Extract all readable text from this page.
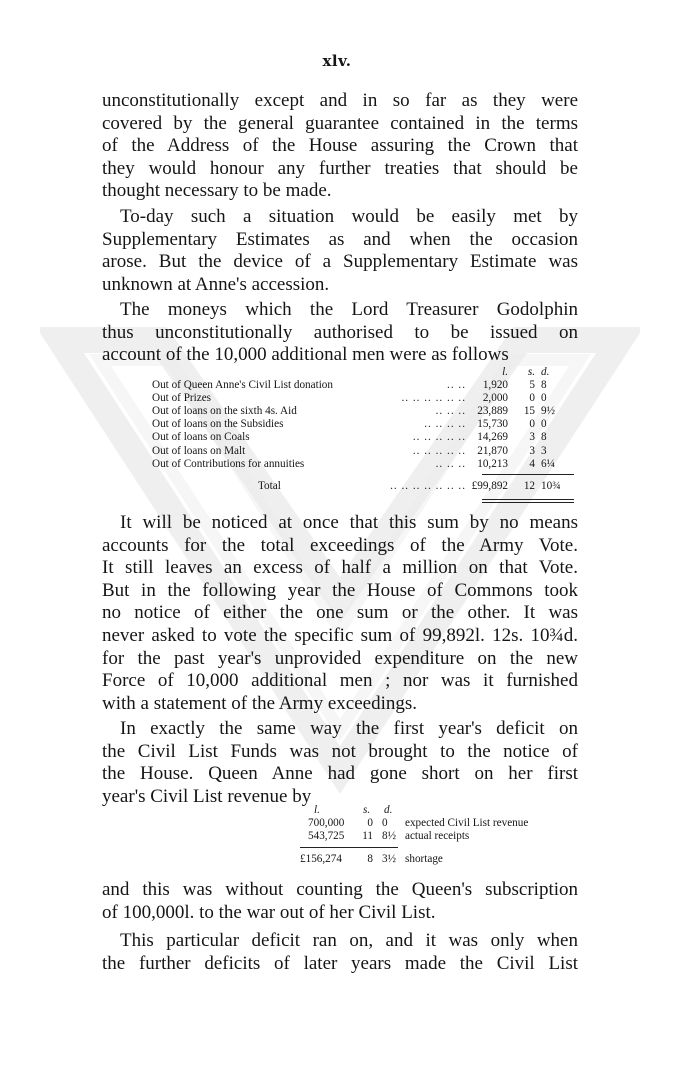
xlv.

unconstitutionally except and in so far as they were

covered by the general guarantee contained in the terms

of the Address of the House assuring the Crown that

they would honour any further treaties that should be

thought necessary to be made.

To-day such a situation would be easily met by

Supplementary Estimates as and when the occasion

arose. But the device of a Supplementary Estimate was

unknown at Anne's accession.

The moneys which the Lord Treasurer Godolphin

thus unconstitutionally authorised to be issued on

account of the 10,000 additional men were as follows

l.	s. d.
Out of Queen Anne's Civil List donation	.. .. 1,920	5 8
Out of Prizes	.. .. .. .. .. .. 2,000	0 0
Out of loans on the sixth 4s. Aid	.. .. .. 23,889	15 9½
Out of loans on the Subsidies	.. .. .. .. 15,730	0 0
Out of loans on Coals	.. .. .. .. .. 14,269	3 8
Out of loans on Malt	.. .. .. .. .. 21,870	3 3
Out of Contributions for annuities	.. .. .. 10,213	4 6¼
Total	.. .. .. .. .. .. .. £99,892	12 10¾

It will be noticed at once that this sum by no means

accounts for the total exceedings of the Army Vote.

It still leaves an excess of half a million on that Vote.

But in the following year the House of Commons took

no notice of either the one sum or the other. It was

never asked to vote the specific sum of 99,892l. 12s. 10¾d.

for the past year's unprovided expenditure on the new

Force of 10,000 additional men ; nor was it furnished

with a statement of the Army exceedings.

In exactly the same way the first year's deficit on

the Civil List Funds was not brought to the notice of

the House. Queen Anne had gone short on her first

year's Civil List revenue by

l.	s. d.
700,000	0 0 expected Civil List revenue
543,725 11 8½ actual receipts
£156,274	8 3½ shortage

and this was without counting the Queen's subscription

of 100,000l. to the war out of her Civil List.

This particular deficit ran on, and it was only when

the further deficits of later years made the Civil List
